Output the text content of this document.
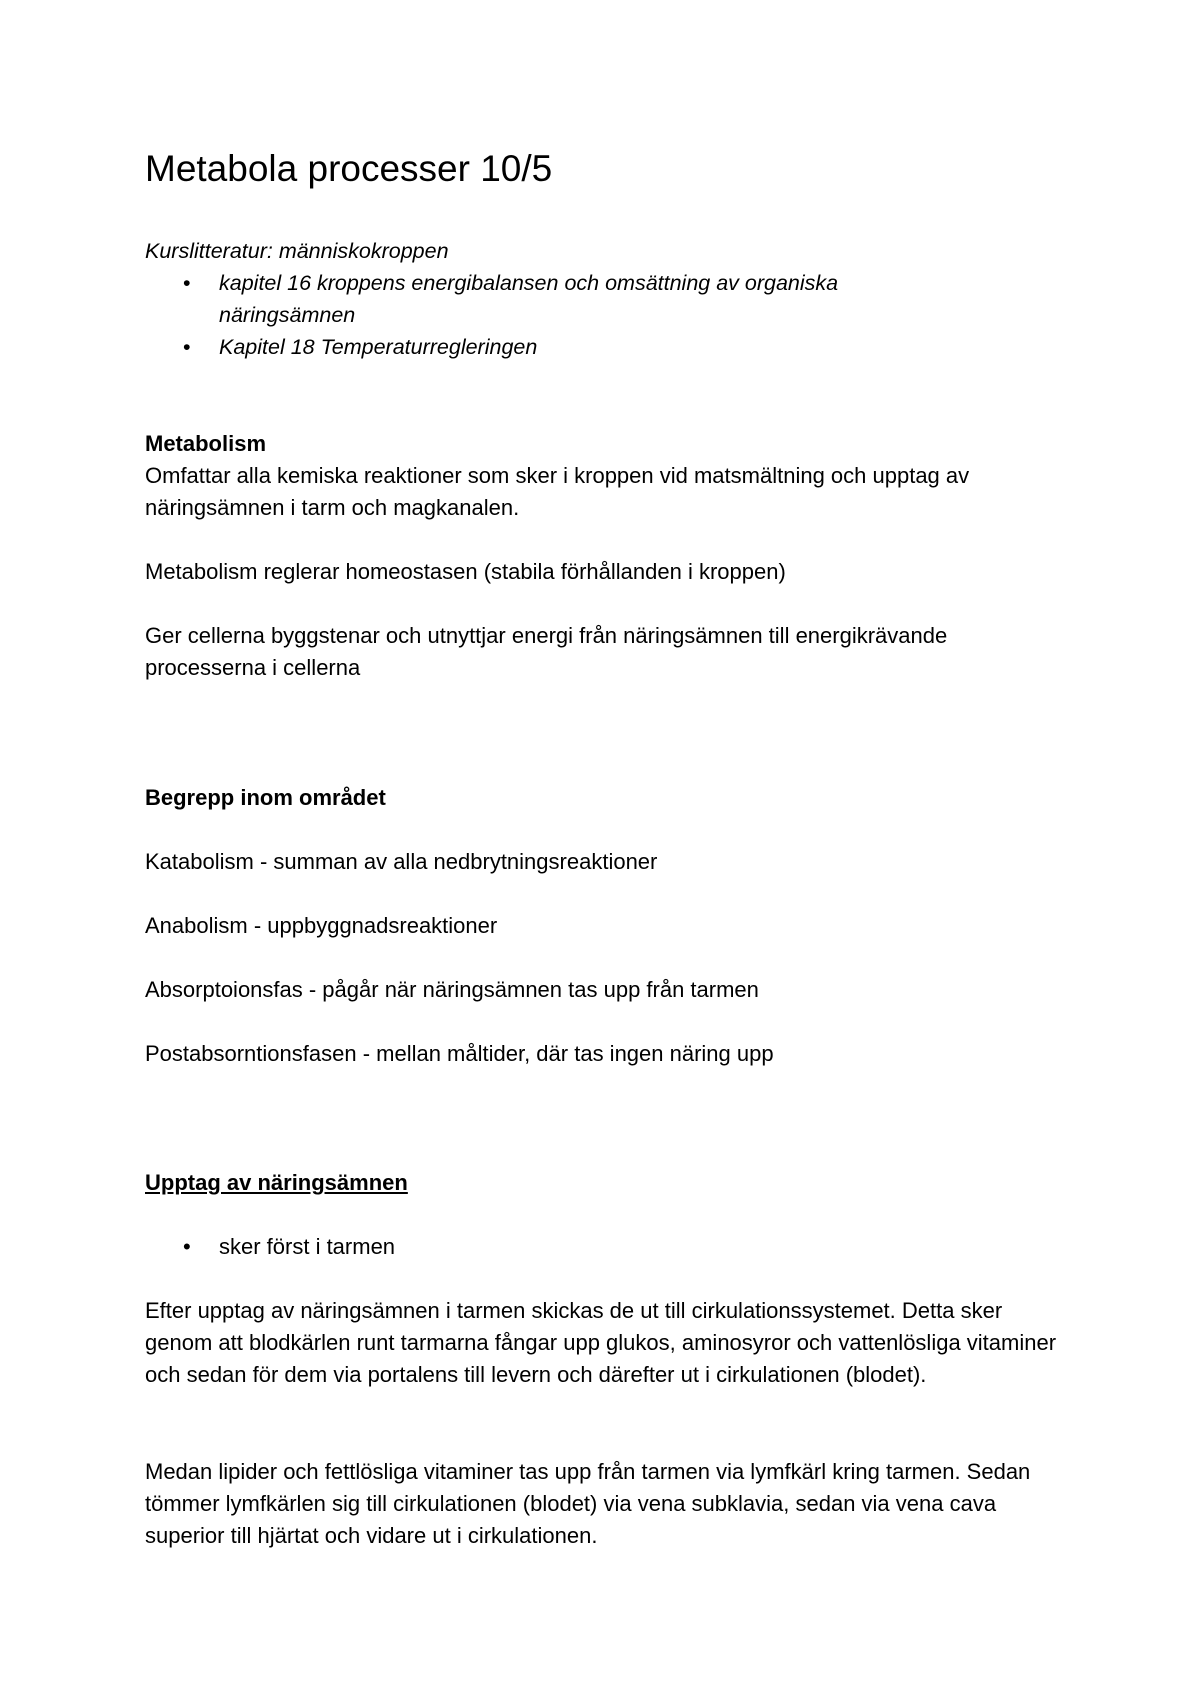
Metabola processer 10/5

Kurslitteratur: människokroppen

• kapitel 16 kroppens energibalansen och omsättning av organiska näringsämnen
• Kapitel 18 Temperaturregleringen

Metabolism

Omfattar alla kemiska reaktioner som sker i kroppen vid matsmältning och upptag av näringsämnen i tarm och magkanalen.

Metabolism reglerar homeostasen (stabila förhållanden i kroppen)
Ger cellerna byggstenar och utnyttjar energi från näringsämnen till energikrävande processerna i cellerna
Begrepp inom området
Katabolism - summan av alla nedbrytningsreaktioner
Anabolism - uppbyggnadsreaktioner
Absorptoionsfas - pågår när näringsämnen tas upp från tarmen
Postabsorntionsfasen - mellan måltider, där tas ingen näring upp
Upptag av näringsämnen
• sker först i tarmen
Efter upptag av näringsämnen i tarmen skickas de ut till cirkulationssystemet. Detta sker genom att blodkärlen runt tarmarna fångar upp glukos, aminosyror och vattenlösliga vitaminer och sedan för dem via portalens till levern och därefter ut i cirkulationen (blodet).
Medan lipider och fettlösliga vitaminer tas upp från tarmen via lymfkärl kring tarmen. Sedan tömmer lymfkärlen sig till cirkulationen (blodet) via vena subklavia, sedan via vena cava superior till hjärtat och vidare ut i cirkulationen.
